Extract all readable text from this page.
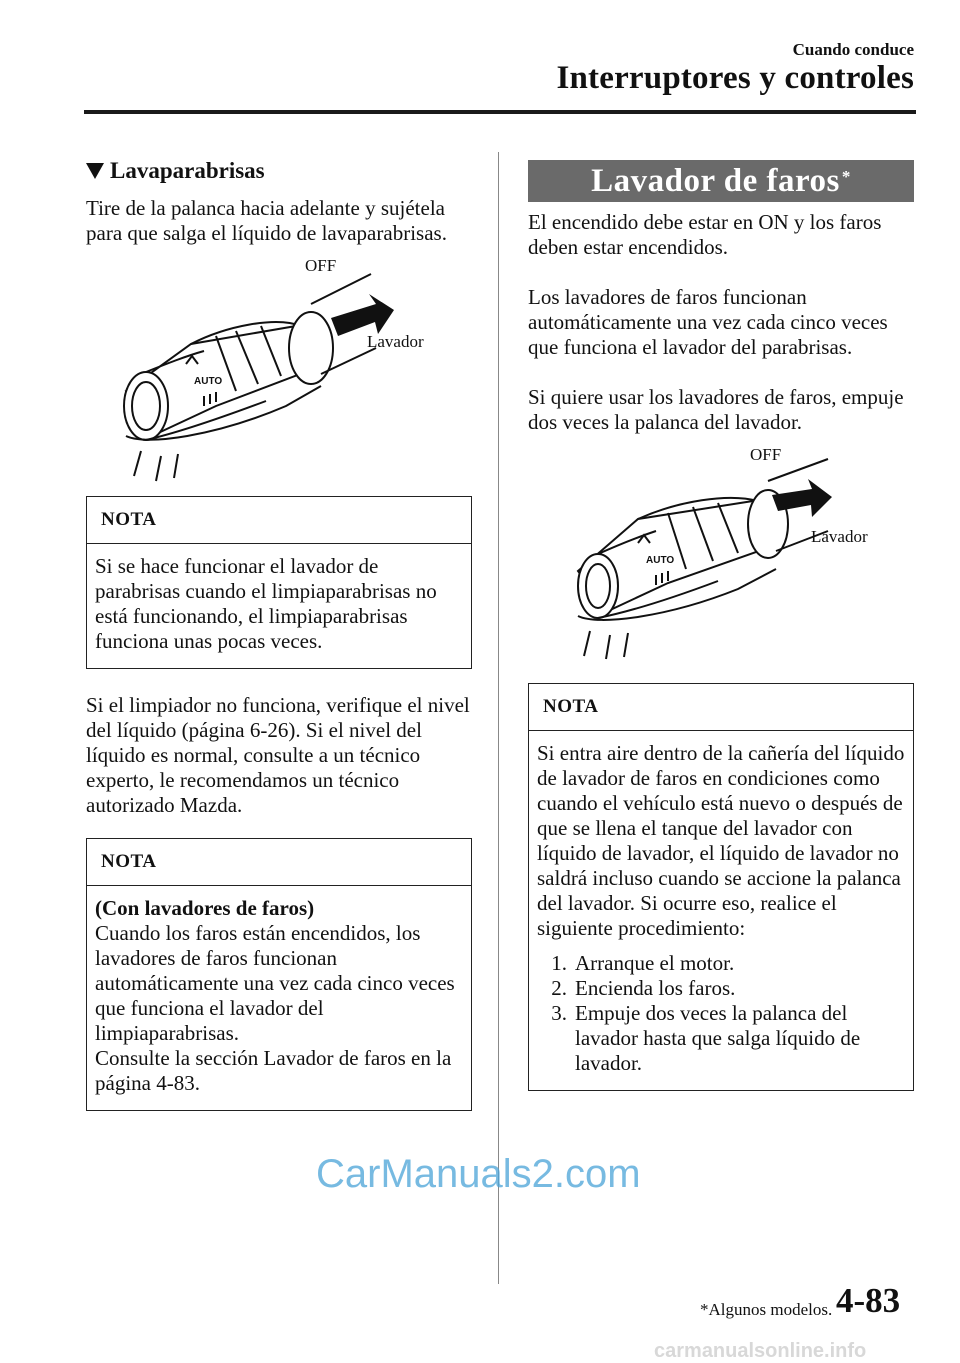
Cuando conduce
Interruptores y controles
Lavaparabrisas

Tire de la palanca hacia adelante y sujétela para que salga el líquido de lavaparabrisas.

AUTO
OFF
Lavador
NOTA
Si se hace funcionar el lavador de parabrisas cuando el limpiaparabrisas no está funcionando, el limpiaparabrisas funciona unas pocas veces.

Si el limpiador no funciona, verifique el nivel del líquido (página 6-26). Si el nivel del líquido es normal, consulte a un técnico experto, le recomendamos un técnico autorizado Mazda.

NOTA
(Con lavadores de faros)
Cuando los faros están encendidos, los lavadores de faros funcionan automáticamente una vez cada cinco veces que funciona el lavador del limpiaparabrisas.
Consulte la sección Lavador de faros en la página 4-83.
Lavador de faros*

El encendido debe estar en ON y los faros deben estar encendidos.

Los lavadores de faros funcionan automáticamente una vez cada cinco veces que funciona el lavador del parabrisas.

Si quiere usar los lavadores de faros, empuje dos veces la palanca del lavador.

AUTO
OFF
Lavador
NOTA
Si entra aire dentro de la cañería del líquido de lavador de faros en condiciones como cuando el vehículo está nuevo o después de que se llena el tanque del lavador con líquido de lavador, el líquido de lavador no saldrá incluso cuando se accione la palanca del lavador. Si ocurre eso, realice el siguiente procedimiento:
1. Arranque el motor.
2. Encienda los faros.
3. Empuje dos veces la palanca del lavador hasta que salga líquido de lavador.
CarManuals2.com
*Algunos modelos. 4-83
carmanualsonline.info
